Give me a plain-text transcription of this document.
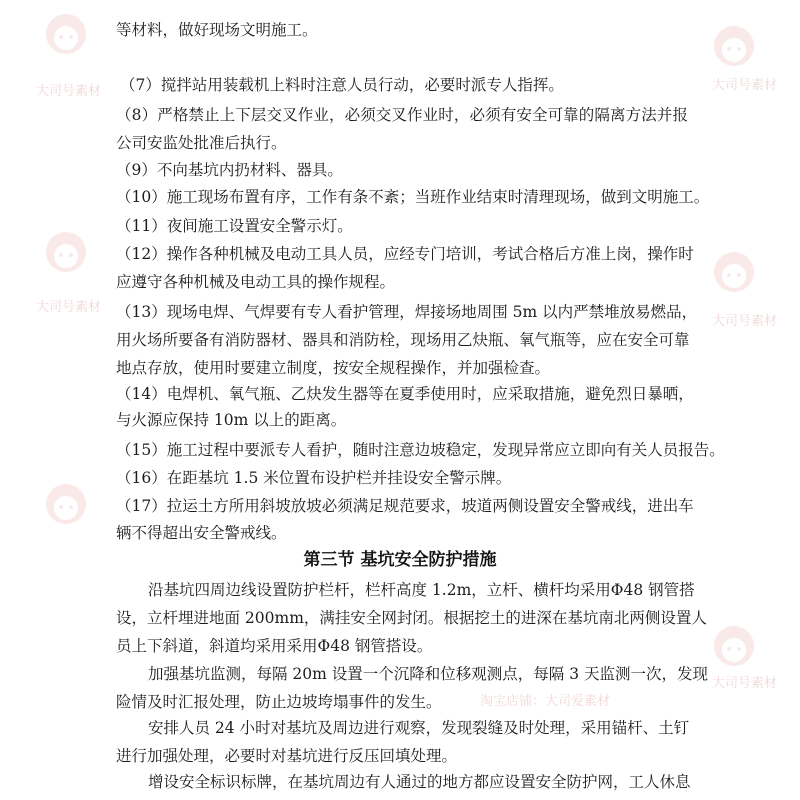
大司号素材	大司号素材
大司号素材
大司号素材
大司号素材
淘宝店铺：大司爱素材
等材料，做好现场文明施工。
（7）搅拌站用装载机上料时注意人员行动，必要时派专人指挥。
（8）严格禁止上下层交叉作业，必须交叉作业时，必须有安全可靠的隔离方法并报
公司安监处批准后执行。
（9）不向基坑内扔材料、器具。
（10）施工现场布置有序，工作有条不紊；当班作业结束时清理现场，做到文明施工。
（11）夜间施工设置安全警示灯。
（12）操作各种机械及电动工具人员，应经专门培训，考试合格后方准上岗，操作时
应遵守各种机械及电动工具的操作规程。
（13）现场电焊、气焊要有专人看护管理，焊接场地周围 5m 以内严禁堆放易燃品，
用火场所要备有消防器材、器具和消防栓，现场用乙炔瓶、氧气瓶等，应在安全可靠
地点存放，使用时要建立制度，按安全规程操作，并加强检查。
（14）电焊机、氧气瓶、乙炔发生器等在夏季使用时，应采取措施，避免烈日暴晒，
与火源应保持 10m 以上的距离。
（15）施工过程中要派专人看护，随时注意边坡稳定，发现异常应立即向有关人员报告。
（16）在距基坑 1.5 米位置布设护栏并挂设安全警示牌。
（17）拉运土方所用斜坡放坡必须满足规范要求，坡道两侧设置安全警戒线，进出车
辆不得超出安全警戒线。
第三节 基坑安全防护措施
沿基坑四周边线设置防护栏杆，栏杆高度 1.2m，立杆、横杆均采用Φ48 钢管搭
设，立杆埋进地面 200mm，满挂安全网封闭。根据挖土的进深在基坑南北两侧设置人
员上下斜道，斜道均采用采用Φ48 钢管搭设。
加强基坑监测，每隔 20m 设置一个沉降和位移观测点，每隔 3 天监测一次，发现
险情及时汇报处理，防止边坡垮塌事件的发生。
安排人员 24 小时对基坑及周边进行观察，发现裂缝及时处理，采用锚杆、土钉
进行加强处理，必要时对基坑进行反压回填处理。
增设安全标识标牌，在基坑周边有人通过的地方都应设置安全防护网，工人休息
